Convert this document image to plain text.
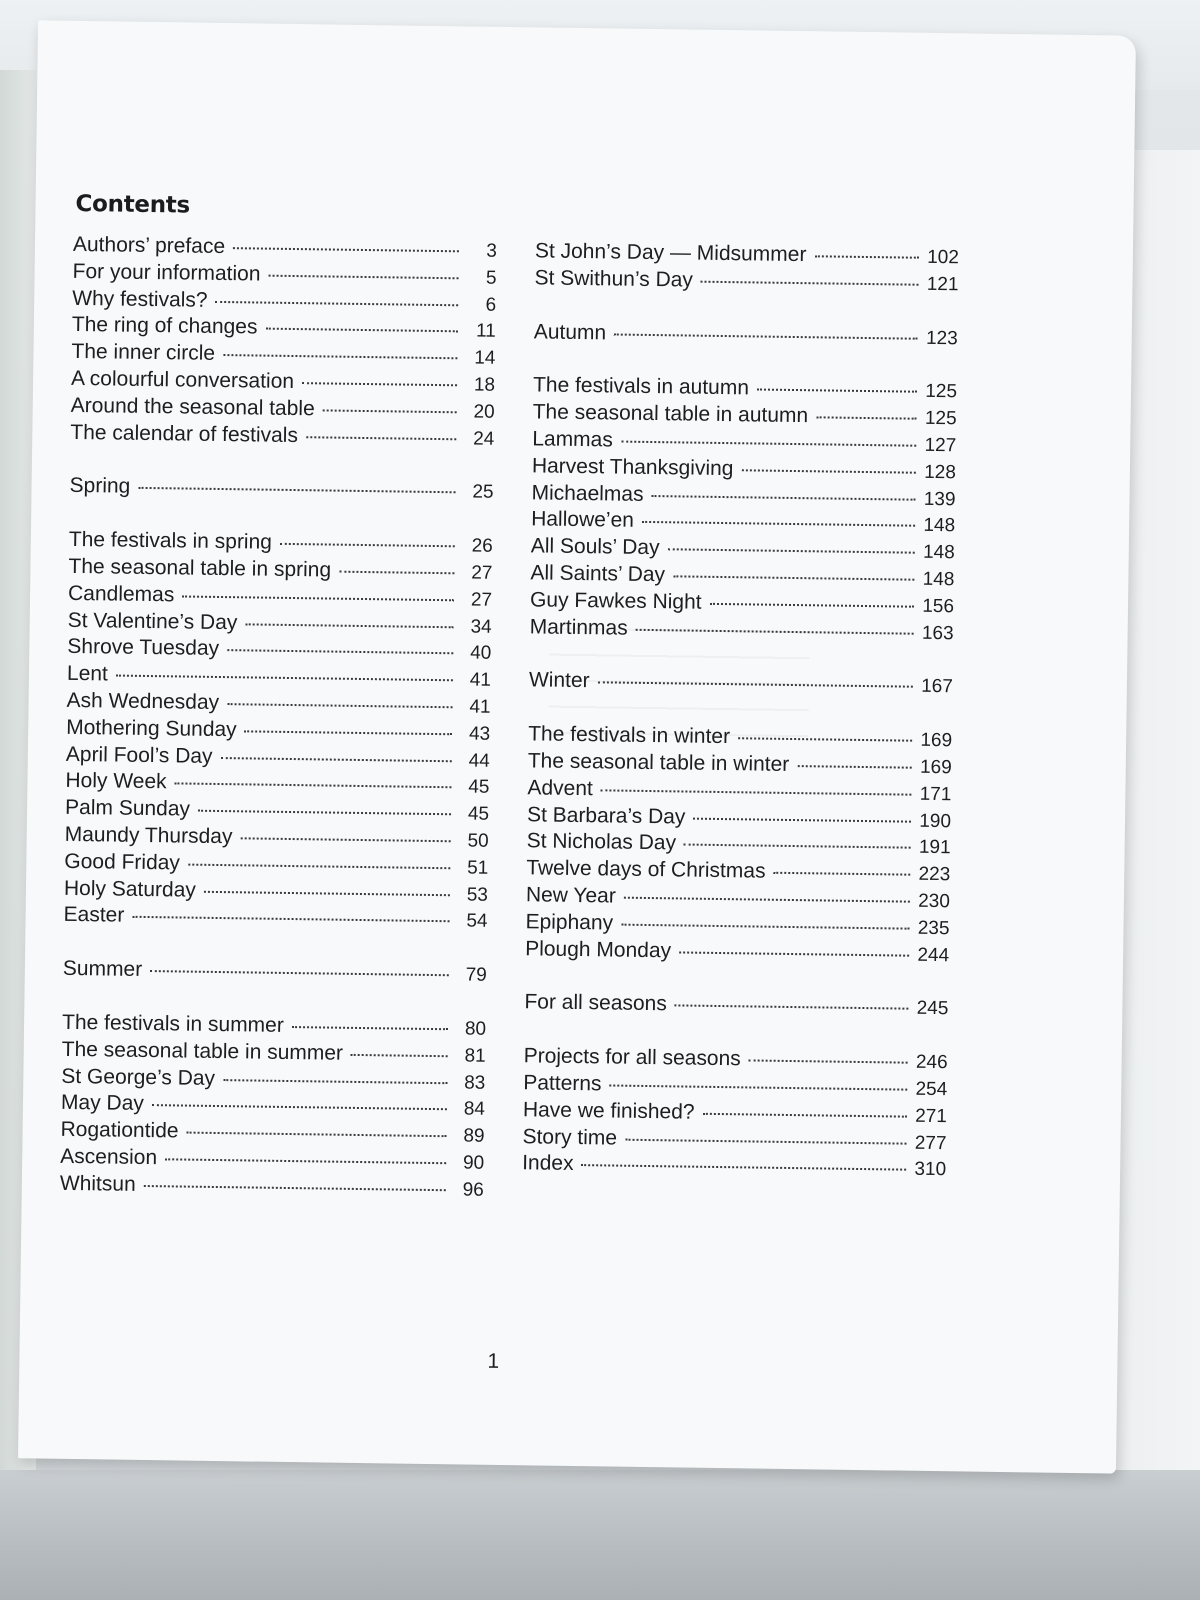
Contents
Authors’ preface	3
For your information	5
Why festivals?	6
The ring of changes	11
The inner circle	14
A colourful conversation	18
Around the seasonal table	20
The calendar of festivals	24
Spring	25
The festivals in spring	26
The seasonal table in spring	27
Candlemas	27
St Valentine’s Day	34
Shrove Tuesday	40
Lent	41
Ash Wednesday	41
Mothering Sunday	43
April Fool’s Day	44
Holy Week	45
Palm Sunday	45
Maundy Thursday	50
Good Friday	51
Holy Saturday	53
Easter	54
Summer	79
The festivals in summer	80
The seasonal table in summer	81
St George’s Day	83
May Day	84
Rogationtide	89
Ascension	90
Whitsun	96
St John’s Day — Midsummer	102
St Swithun’s Day	121
Autumn	123
The festivals in autumn	125
The seasonal table in autumn	125
Lammas	127
Harvest Thanksgiving	128
Michaelmas	139
Hallowe’en	148
All Souls’ Day	148
All Saints’ Day	148
Guy Fawkes Night	156
Martinmas	163
Winter	167
The festivals in winter	169
The seasonal table in winter	169
Advent	171
St Barbara’s Day	190
St Nicholas Day	191
Twelve days of Christmas	223
New Year	230
Epiphany	235
Plough Monday	244
For all seasons	245
Projects for all seasons	246
Patterns	254
Have we finished?	271
Story time	277
Index	310
1
